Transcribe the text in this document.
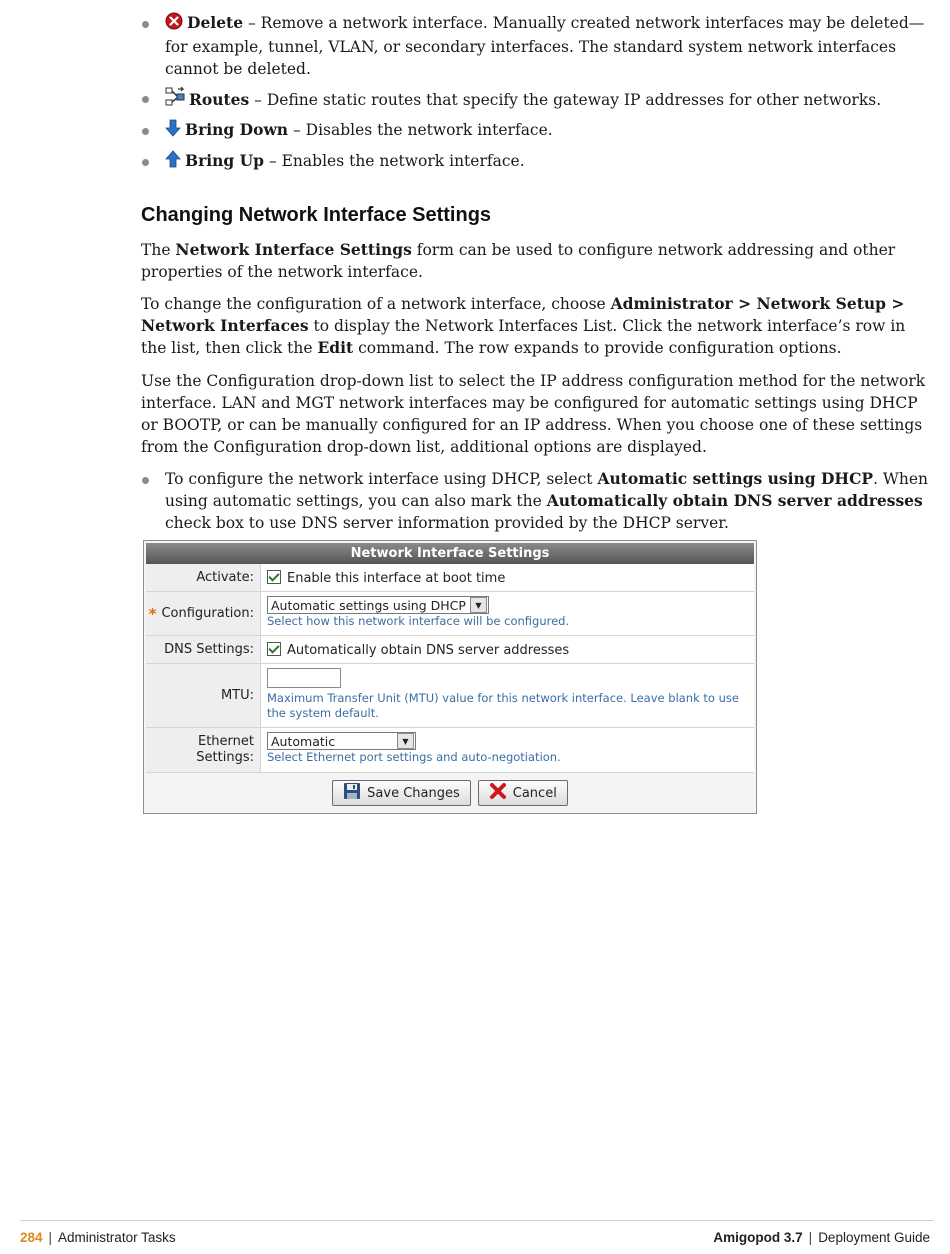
Delete – Remove a network interface. Manually created network interfaces may be deleted—for example, tunnel, VLAN, or secondary interfaces. The standard system network interfaces cannot be deleted.
Routes – Define static routes that specify the gateway IP addresses for other networks.
Bring Down – Disables the network interface.
Bring Up – Enables the network interface.
Changing Network Interface Settings

The Network Interface Settings form can be used to configure network addressing and other properties of the network interface.

To change the configuration of a network interface, choose Administrator > Network Setup > Network Interfaces to display the Network Interfaces List. Click the network interface’s row in the list, then click the Edit command. The row expands to provide configuration options.

Use the Configuration drop-down list to select the IP address configuration method for the network interface. LAN and MGT network interfaces may be configured for automatic settings using DHCP or BOOTP, or can be manually configured for an IP address. When you choose one of these settings from the Configuration drop-down list, additional options are displayed.

To configure the network interface using DHCP, select Automatic settings using DHCP. When using automatic settings, you can also mark the Automatically obtain DNS server addresses check box to use DNS server information provided by the DHCP server.
Network Interface Settings
Activate:	Enable this interface at boot time
* Configuration:
Automatic settings using DHCP	▼
Select how this network interface will be configured.
DNS Settings:	Automatically obtain DNS server addresses
MTU:	Maximum Transfer Unit (MTU) value for this network interface. Leave blank to use the system default.
Ethernet Settings:
Automatic	▼
Select Ethernet port settings and auto-negotiation.
Save Changes	Cancel
284 | Administrator Tasks	Amigopod 3.7 | Deployment Guide
